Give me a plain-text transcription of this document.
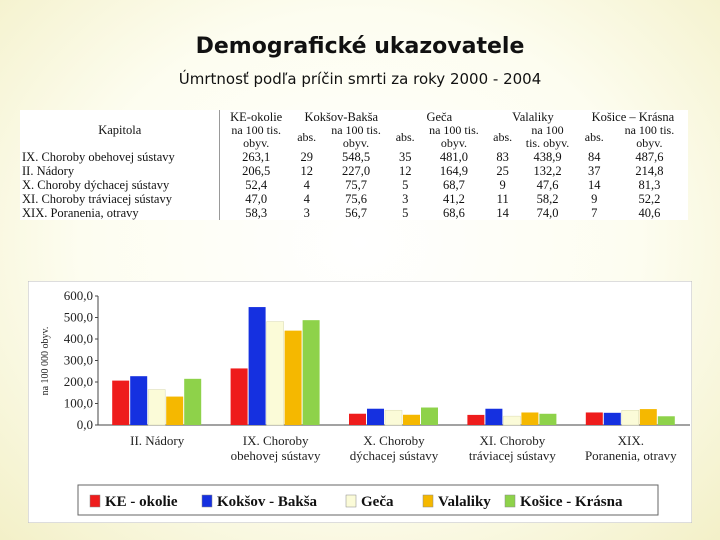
Demografické ukazovatele
Úmrtnosť podľa príčin smrti za roky 2000 - 2004
Kapitola	KE-okolie	Kokšov-Bakša		Geča		Valaliky		Košice – Krásna	
	na 100 tis.	abs.	na 100 tis.	abs.	na 100 tis.	abs.	na 100	abs.	na 100 tis.
	obyv.		obyv.		obyv.		tis. obyv.		obyv.
IX. Choroby obehovej sústavy	263,1	29	548,5	35	481,0	83	438,9	84	487,6
II. Nádory	206,5	12	227,0	12	164,9	25	132,2	37	214,8
X. Choroby dýchacej sústavy	52,4	4	75,7	5	68,7	9	47,6	14	81,3
XI. Choroby tráviacej sústavy	47,0	4	75,6	3	41,2	11	58,2	9	52,2
XIX. Poranenia, otravy	58,3	3	56,7	5	68,6	14	74,0	7	40,6
0,0
100,0
200,0
300,0
400,0
500,0
600,0
na 100 000 obyv.
II. Nádory	IX. Choroby
obehovej sústavy
X. Choroby
dýchacej sústavy
XI. Choroby
tráviacej sústavy
XIX.
Poranenia, otravy
KE - okolie	Kokšov - Bakša	Geča	Valaliky Košice - Krásna
